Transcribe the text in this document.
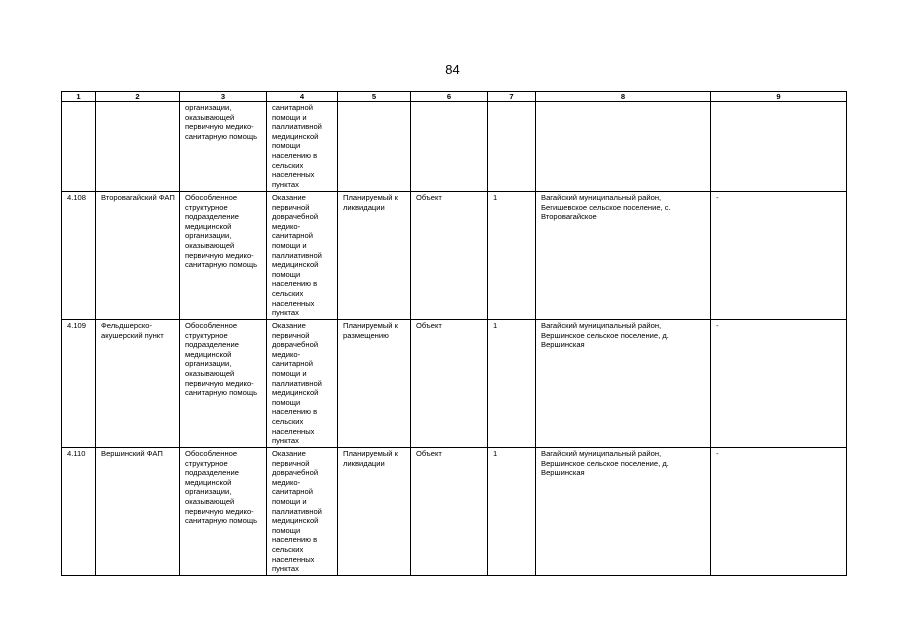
84
1	2	3	4	5	6	7	8	9
		организации, оказывающей первичную медико-санитарную помощь	санитарной помощи и паллиативной медицинской помощи населению в сельских населенных пунктах					
4.108	Второвагайский ФАП	Обособленное структурное подразделение медицинской организации, оказывающей первичную медико-санитарную помощь	Оказание первичной доврачебной медико-санитарной помощи и паллиативной медицинской помощи населению в сельских населенных пунктах	Планируемый к ликвидации	Объект	1	Вагайский муниципальный район, Бегишевское сельское поселение, с. Второвагайское	-
4.109	Фельдшерско-акушерский пункт	Обособленное структурное подразделение медицинской организации, оказывающей первичную медико-санитарную помощь	Оказание первичной доврачебной медико-санитарной помощи и паллиативной медицинской помощи населению в сельских населенных пунктах	Планируемый к размещению	Объект	1	Вагайский муниципальный район, Вершинское сельское поселение, д. Вершинская	-
4.110	Вершинский ФАП	Обособленное структурное подразделение медицинской организации, оказывающей первичную медико-санитарную помощь	Оказание первичной доврачебной медико-санитарной помощи и паллиативной медицинской помощи населению в сельских населенных пунктах	Планируемый к ликвидации	Объект	1	Вагайский муниципальный район, Вершинское сельское поселение, д. Вершинская	-
